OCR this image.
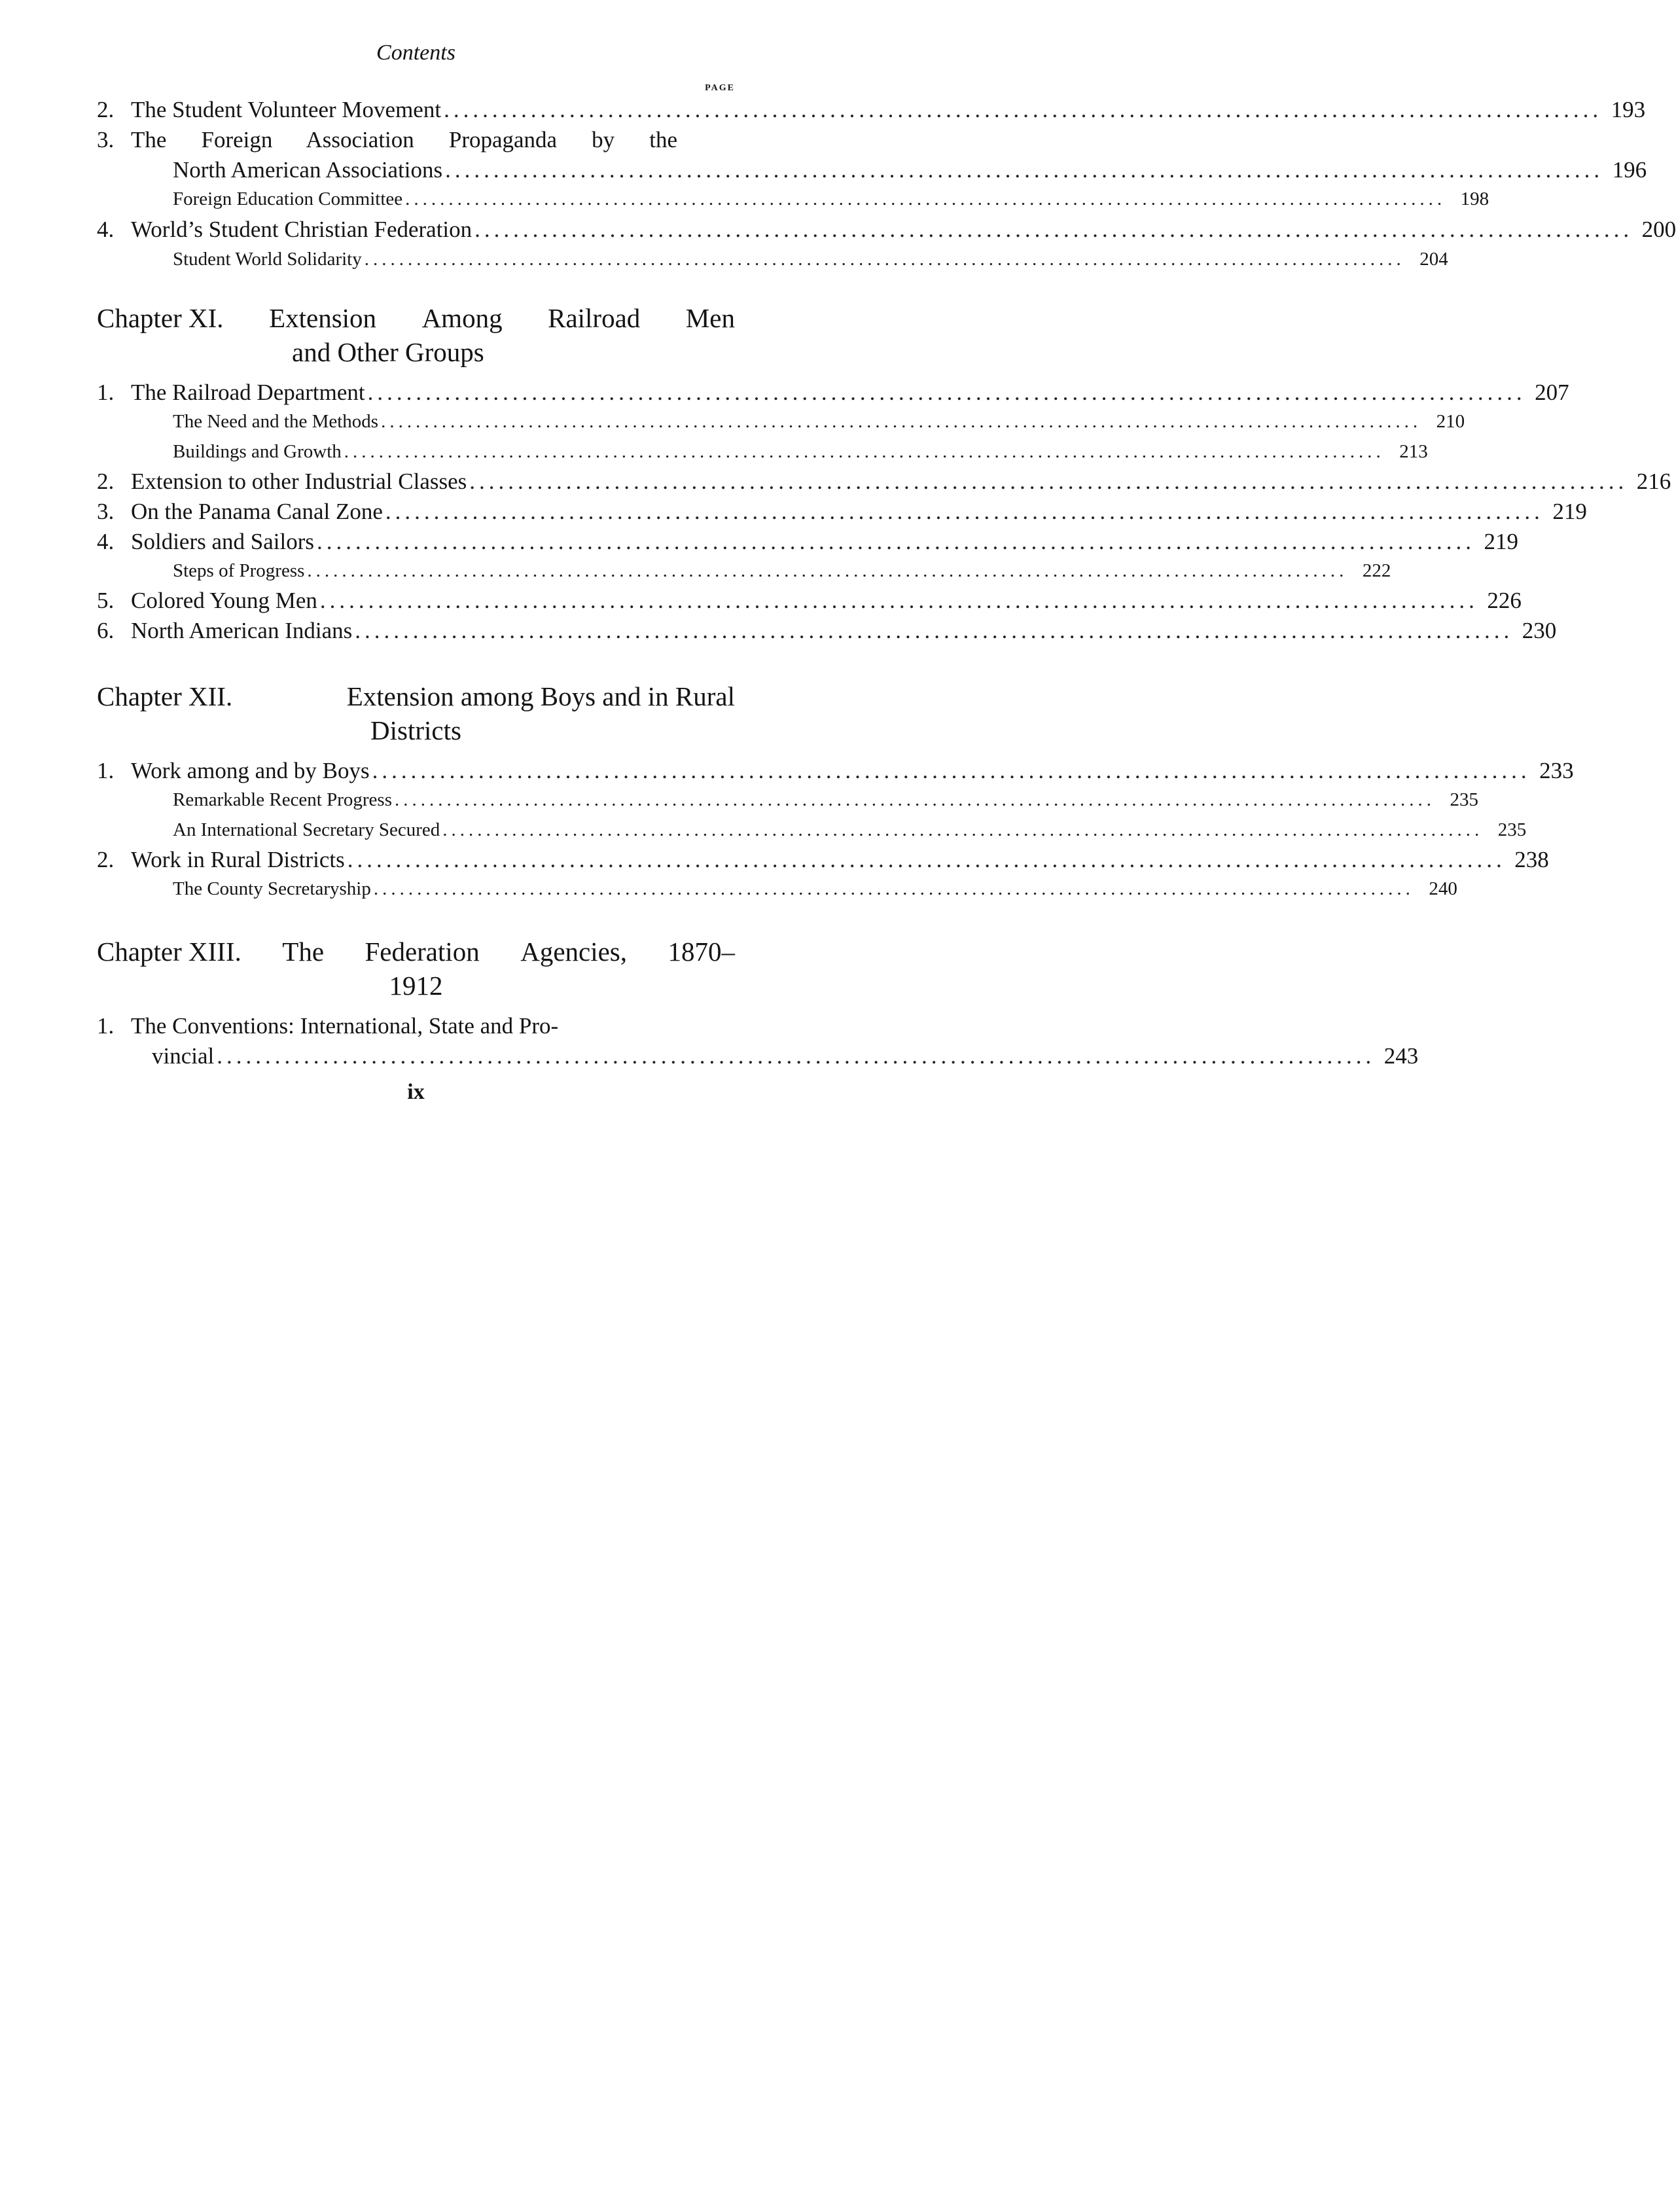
Contents
PAGE
2. The Student Volunteer Movement ........................................................................................................................ 193
3. The Foreign Association Propaganda by the
North American Associations ........................................................................................................................ 196
Foreign Education Committee ........................................................................................................................ 198
4. World’s Student Christian Federation ........................................................................................................................ 200
Student World Solidarity ........................................................................................................................ 204
Chapter XI. Extension Among Railroad Men
and Other Groups
1. The Railroad Department ........................................................................................................................ 207
The Need and the Methods ........................................................................................................................ 210
Buildings and Growth ........................................................................................................................ 213
2. Extension to other Industrial Classes ........................................................................................................................ 216
3. On the Panama Canal Zone ........................................................................................................................ 219
4. Soldiers and Sailors ........................................................................................................................ 219
Steps of Progress ........................................................................................................................ 222
5. Colored Young Men ........................................................................................................................ 226
6. North American Indians ........................................................................................................................ 230
Chapter XII.	Extension among Boys and in Rural
Districts
1. Work among and by Boys ........................................................................................................................ 233
Remarkable Recent Progress ........................................................................................................................ 235
An International Secretary Secured ........................................................................................................................ 235
2. Work in Rural Districts ........................................................................................................................ 238
The County Secretaryship ........................................................................................................................ 240
Chapter XIII. The Federation Agencies, 1870–
1912
1. The Conventions: International, State and Pro-
vincial ........................................................................................................................ 243
ix
